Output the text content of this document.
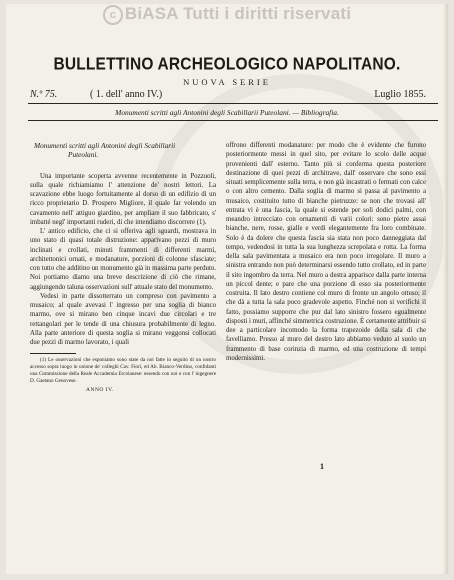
c BiASA Tutti i diritti riservati
BULLETTINO ARCHEOLOGICO NAPOLITANO.
NUOVA SERIE
N.º 75.	( 1. dell' anno IV.)	Luglio 1855.
Monumenti scritti agli Antonini degli Scabillarii Puteolani. — Bibliografia.
Monumenti scritti agli Antonini degli Scabillarii
Puteolani.

Una importante scoperta avvenne recentemente in Pozzuoli, sulla quale richiamiamo l' attenzione de' nostri lettori. La scavazione ebbe luogo fortuitamente al dorso di un edifizio di un ricco proprietario D. Prospero Migliore, il quale far volendo un cavamento nell' attiguo giardino, per ampliare il suo fabbricato, s' imbatté negl' importanti ruderi, di che intendiamo discorrere (1).

L' antico edificio, che ci si offeriva agli sguardi, mostrava in uno stato di quasi totale distruzione: apparivano pezzi di muro inclinati e crollati, minuti frammenti di differenti marmi, architettonici ornati, e modanature, porzioni di colonne sfasciate; con tutto che additino un monumento già in massima parte perduto. Noi portiamo diamo una breve descrizione di ciò che rimane, aggiungendo taluna osservazioni sull' attuale stato del monumento.

Vedesi in parte dissotterrato un compreso con pavimento a musaico; al quale avevasi l' ingresso per una soglia di bianco marmo, ove si mirano ben cinque incavi due circolari e tre rettangolari per le tende di una chiusura probabilmente di legno. Alla parte anteriore di questa soglia si mirano veggonsi collocati due pezzi di marmo lavorato, i quali

(1) Le osservazioni che esponiamo sono state da noi fatte in seguito di un nostro accesso sopra luogo in unione de' colleghi Cav. Fiori, ed Ab. Bianco-Verdino, confidanti una Commissione della Reale Accademia Ercolanese: essendo con noi e con l' ingegnere D. Gaetano Genovese.

ANNO IV.

offrono differenti modanature: per modo che è evidente che furono posteriormente messi in quel sito, per evitare lo scolo delle acque provenienti dall' esterno. Tanto più si conferma questa posteriore destinazione di quei pezzi di architrave, dall' osservare che sono essi situati semplicemente sulla terra, e non già incastrati o fermati con calce o con altro cemento. Dalla soglia di marmo si passa al pavimento a musaico, costituito tutto di bianche pietruzze: se non che trovasi all' entrata vi è una fascia, la quale si estende per soli dodici palmi, con meandro intrecciato con ornamenti di varii colori: sono pietre assai bianche, nere, rosse, gialle e verdi elegantemente fra loro combinate. Solo è da dolere che questa fascia sia stata non poco danneggiata dal tempo, vedendosi in tutta la sua lunghezza screpolata e rotta. La forma della sala pavimentata a musaico era non poco irregolare. Il muro a sinistra entrando non può determinarsi essendo tutto crollato, ed in parte il sito ingombro da terra. Nel muro a destra apparisce dalla parte interna un piccol dente; e pare che una porzione di esso sia posteriormente costruita. Il lato destro contiene col muro di fronte un angolo ottuso; il che dà a tutta la sala poco gradevole aspetto. Finché non si verifichi il fatto, possiamo supporre che pur dal lato sinistro fossero egualmente disposti i muri, affinché simmetrica costruzione. È certamente attribuir si dee a particolare incomodo la forma trapezoide della sala di che favelliamo. Presso al muro del destro lato abbiamo veduto al suolo un frammento di base corinzia di marmo, ed una costruzione di tempi modernissimi.

1
